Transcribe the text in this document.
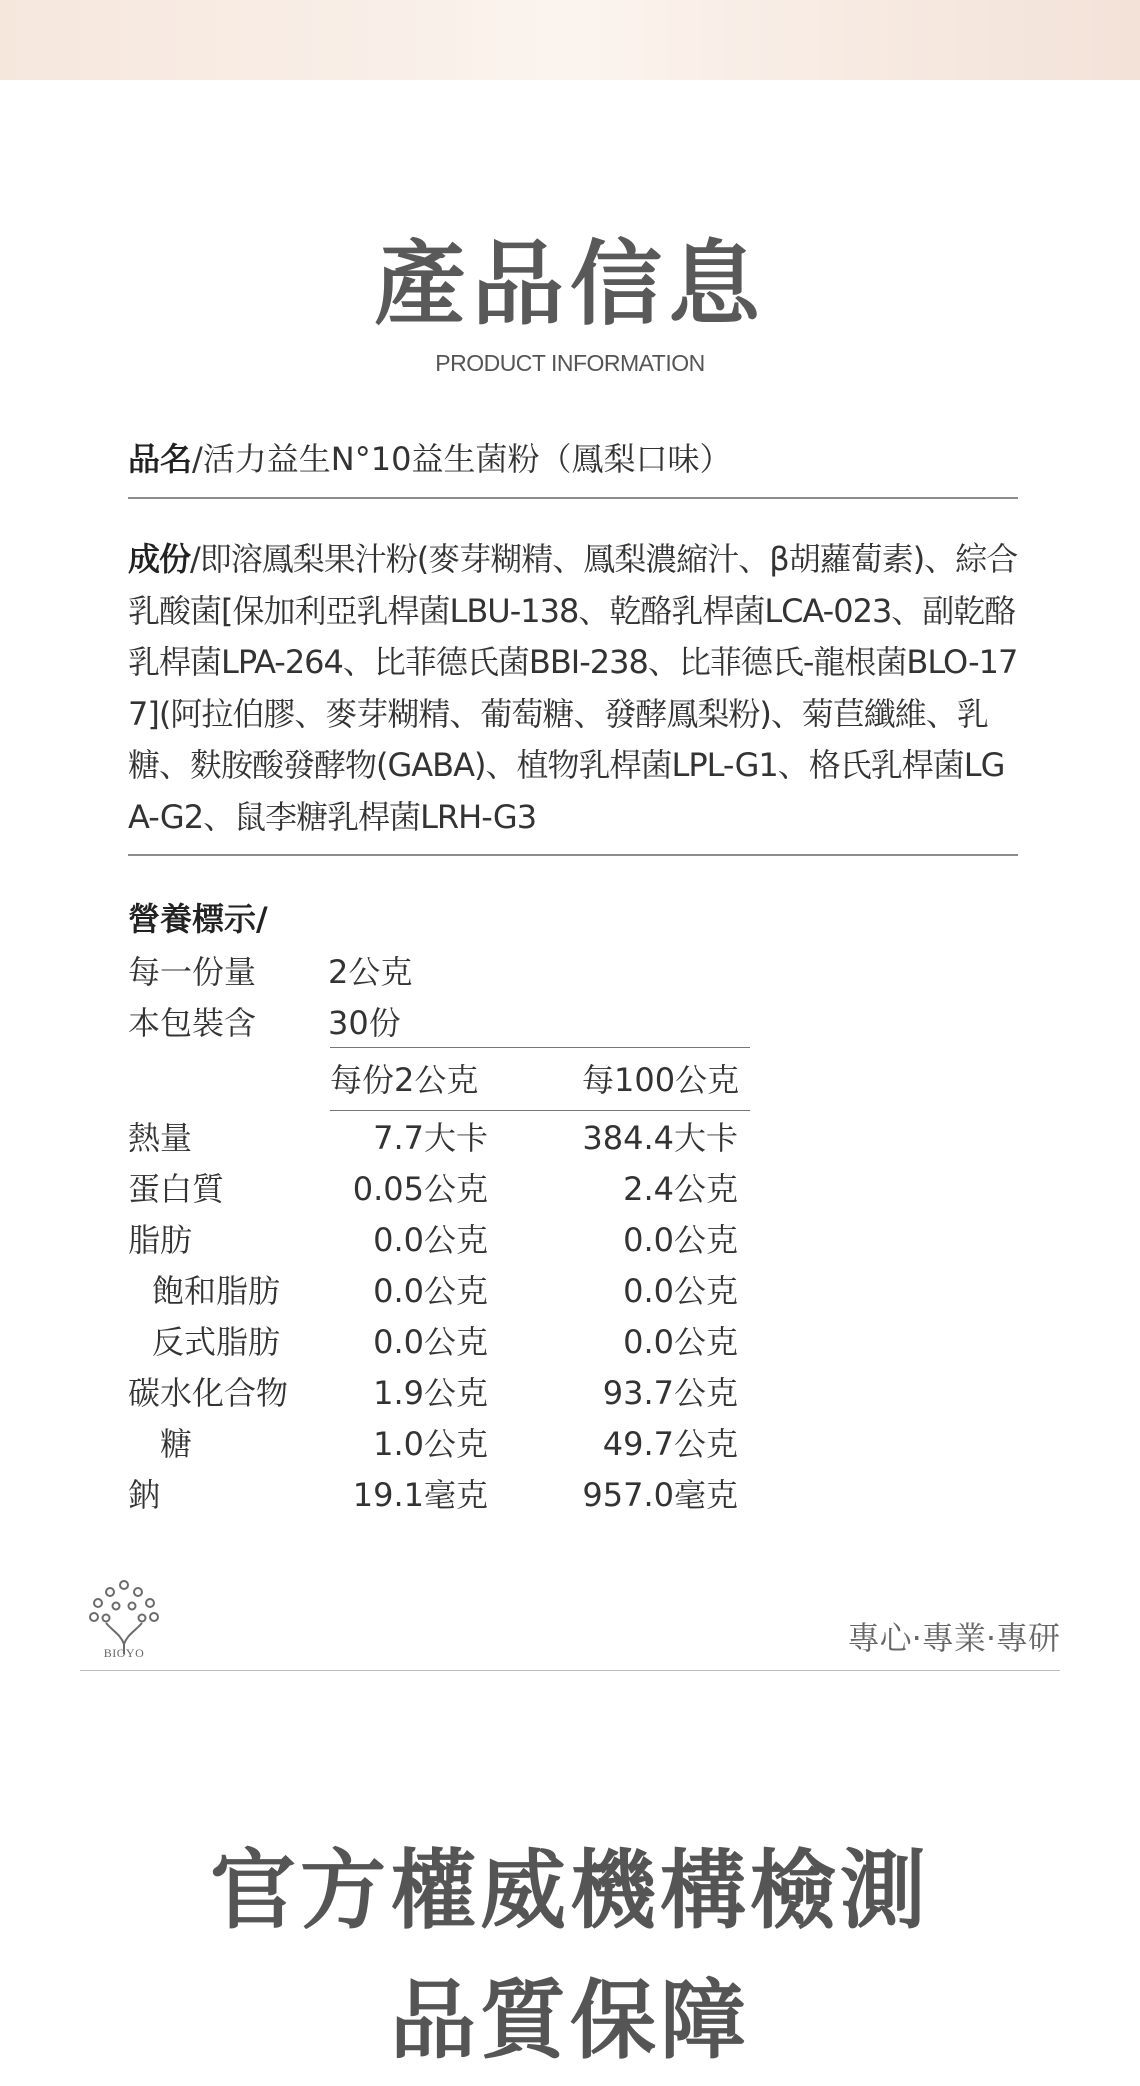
產品信息
PRODUCT INFORMATION
品名/活力益生N°10益生菌粉（鳳梨口味）
成份/即溶鳳梨果汁粉(麥芽糊精、鳳梨濃縮汁、β胡蘿蔔素)、綜合乳酸菌[保加利亞乳桿菌LBU-138、乾酪乳桿菌LCA-023、副乾酪乳桿菌LPA-264、比菲德氏菌BBI-238、比菲德氏-龍根菌BLO-177](阿拉伯膠、麥芽糊精、葡萄糖、發酵鳳梨粉)、菊苣纖維、乳糖、麩胺酸發酵物(GABA)、植物乳桿菌LPL-G1、格氏乳桿菌LGA-G2、鼠李糖乳桿菌LRH-G3
營養標示/
每一份量 2公克
本包裝含 30份
每份2公克	每100公克
熱量	7.7大卡	384.4大卡
蛋白質	0.05公克	2.4公克
脂肪	0.0公克	0.0公克
飽和脂肪	0.0公克	0.0公克
反式脂肪	0.0公克	0.0公克
碳水化合物	1.9公克	93.7公克
糖	1.0公克	49.7公克
鈉	19.1毫克	957.0毫克
BIOYO	專心·專業·專研
官方權威機構檢測
品質保障
